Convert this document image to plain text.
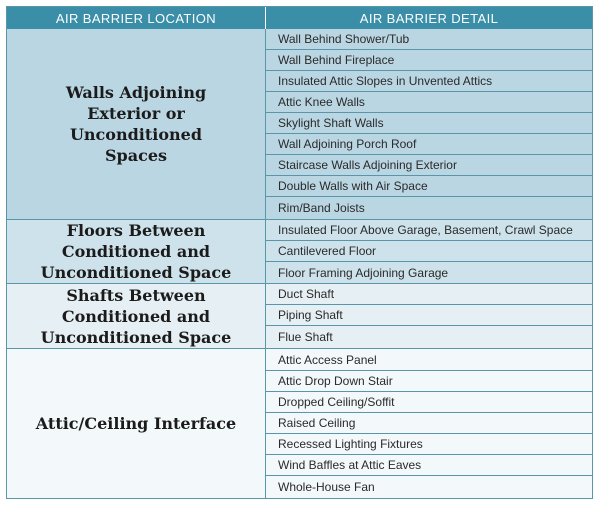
AIR BARRIER LOCATION	AIR BARRIER DETAIL
Walls Adjoining Exterior or Unconditioned Spaces
Wall Behind Shower/Tub
Wall Behind Fireplace
Insulated Attic Slopes in Unvented Attics
Attic Knee Walls
Skylight Shaft Walls
Wall Adjoining Porch Roof
Staircase Walls Adjoining Exterior
Double Walls with Air Space
Rim/Band Joists
Floors Between Conditioned and Unconditioned Space
Insulated Floor Above Garage, Basement, Crawl Space
Cantilevered Floor
Floor Framing Adjoining Garage
Shafts Between Conditioned and Unconditioned Space
Duct Shaft
Piping Shaft
Flue Shaft
Attic/Ceiling Interface
Attic Access Panel
Attic Drop Down Stair
Dropped Ceiling/Soffit
Raised Ceiling
Recessed Lighting Fixtures
Wind Baffles at Attic Eaves
Whole-House Fan
